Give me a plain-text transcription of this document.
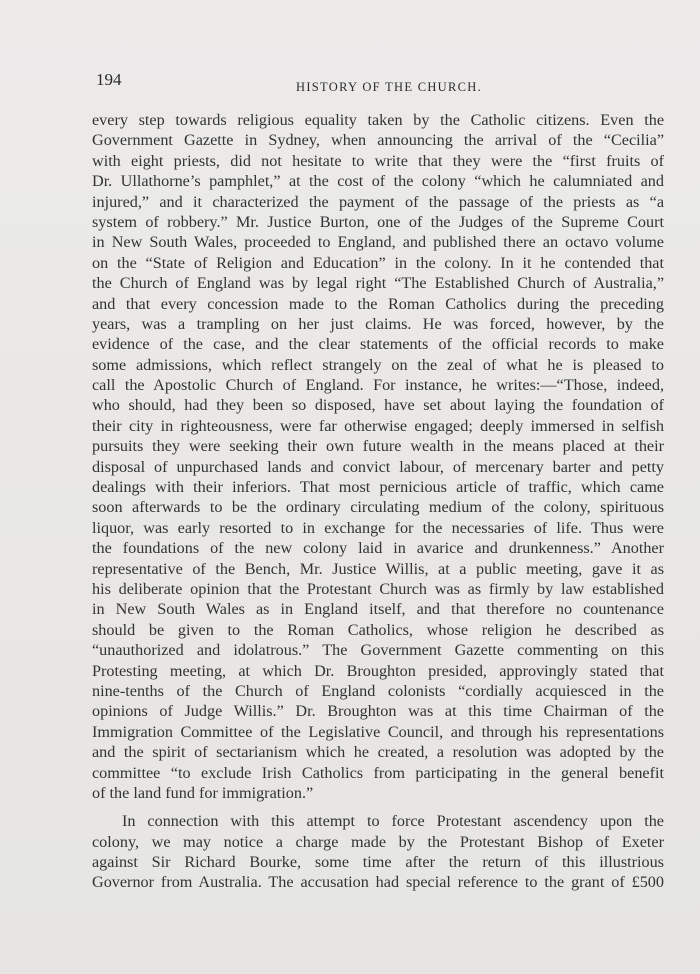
194	HISTORY OF THE CHURCH.
every step towards religious equality taken by the Catholic citizens. Even the
Government Gazette in Sydney, when announcing the arrival of the “Cecilia”
with eight priests, did not hesitate to write that they were the “first fruits of
Dr. Ullathorne’s pamphlet,” at the cost of the colony “which he calumniated and
injured,” and it characterized the payment of the passage of the priests as “a
system of robbery.” Mr. Justice Burton, one of the Judges of the Supreme Court
in New South Wales, proceeded to England, and published there an octavo volume
on the “State of Religion and Education” in the colony. In it he contended that
the Church of England was by legal right “The Established Church of Australia,”
and that every concession made to the Roman Catholics during the preceding
years, was a trampling on her just claims. He was forced, however, by the
evidence of the case, and the clear statements of the official records to make
some admissions, which reflect strangely on the zeal of what he is pleased to
call the Apostolic Church of England. For instance, he writes:—“Those, indeed,
who should, had they been so disposed, have set about laying the foundation of
their city in righteousness, were far otherwise engaged; deeply immersed in selfish
pursuits they were seeking their own future wealth in the means placed at their
disposal of unpurchased lands and convict labour, of mercenary barter and petty
dealings with their inferiors. That most pernicious article of traffic, which came
soon afterwards to be the ordinary circulating medium of the colony, spirituous
liquor, was early resorted to in exchange for the necessaries of life. Thus were
the foundations of the new colony laid in avarice and drunkenness.” Another
representative of the Bench, Mr. Justice Willis, at a public meeting, gave it as
his deliberate opinion that the Protestant Church was as firmly by law established
in New South Wales as in England itself, and that therefore no countenance
should be given to the Roman Catholics, whose religion he described as
“unauthorized and idolatrous.” The Government Gazette commenting on this
Protesting meeting, at which Dr. Broughton presided, approvingly stated that
nine-tenths of the Church of England colonists “cordially acquiesced in the
opinions of Judge Willis.” Dr. Broughton was at this time Chairman of the
Immigration Committee of the Legislative Council, and through his representations
and the spirit of sectarianism which he created, a resolution was adopted by the
committee “to exclude Irish Catholics from participating in the general benefit
of the land fund for immigration.”
In connection with this attempt to force Protestant ascendency upon the
colony, we may notice a charge made by the Protestant Bishop of Exeter
against Sir Richard Bourke, some time after the return of this illustrious
Governor from Australia. The accusation had special reference to the grant of £500
